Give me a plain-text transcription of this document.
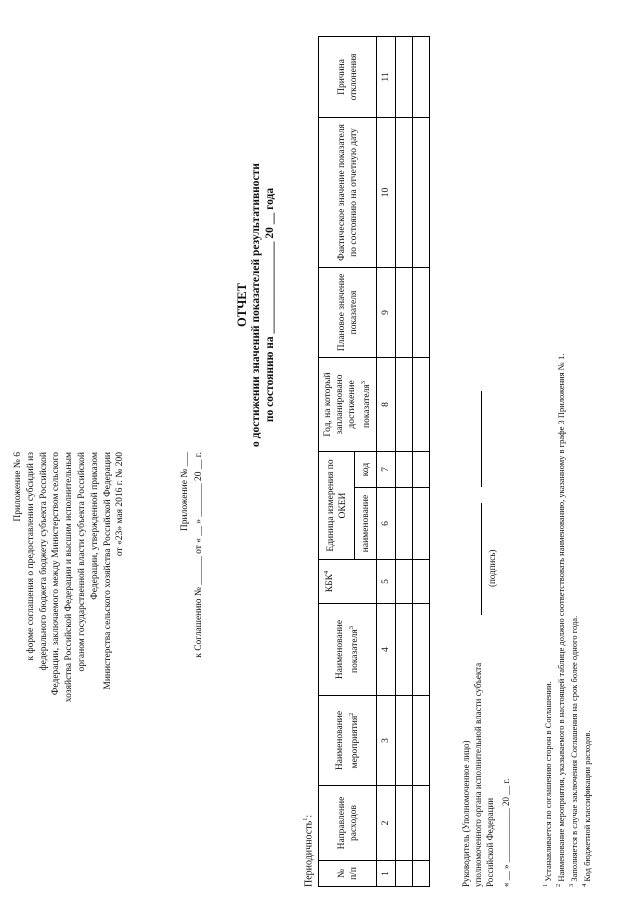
Приложение № 6 к форме соглашения о предоставлении субсидий из федерального бюджета бюджету субъекта Российской Федерации, заключаемого между Министерством сельского хозяйства Российской Федерации и высшим исполнительным органом государственной власти субъекта Российской Федерации, утвержденной приказом Министерства сельского хозяйства Российской Федерации от «23» мая 2016 г. № 200	Приложение № ___ к Соглашению № ______ от « __ » _______ 20 __ г.
ОТЧЕТ о достижении значений показателей результативности по состоянию на ________________ 20 __ года
Периодичность$^1$:
№ п/п	Направление расходов	Наименование мероприятия$^2$	Наименование показателя$^3$	КБК$^4$	Единица измерения по ОКЕИ		Год, на который запланировано достижение показателя$^3$	Плановое значение показателя	Фактическое значение показателя по состоянию на отчетную дату	Причина отклонения
					наименование	код				
1	2	3	4	5	6	7	8	9	10	11

Руководитель (Уполномоченное лицо) уполномоченного органа исполнительной власти субъекта Российской Федерации
(подпись)
« __ » ____________ 20 __ г.	$^1$ Устанавливается по соглашению сторон в Соглашении.
$^2$ Наименование мероприятия, указываемого в настоящей таблице должно соответствовать наименованию, указанному в графе 3 Приложения № 1.
$^3$ Заполняется в случае заключения Соглашения на срок более одного года.
$^4$ Код бюджетной классификации расходов.
